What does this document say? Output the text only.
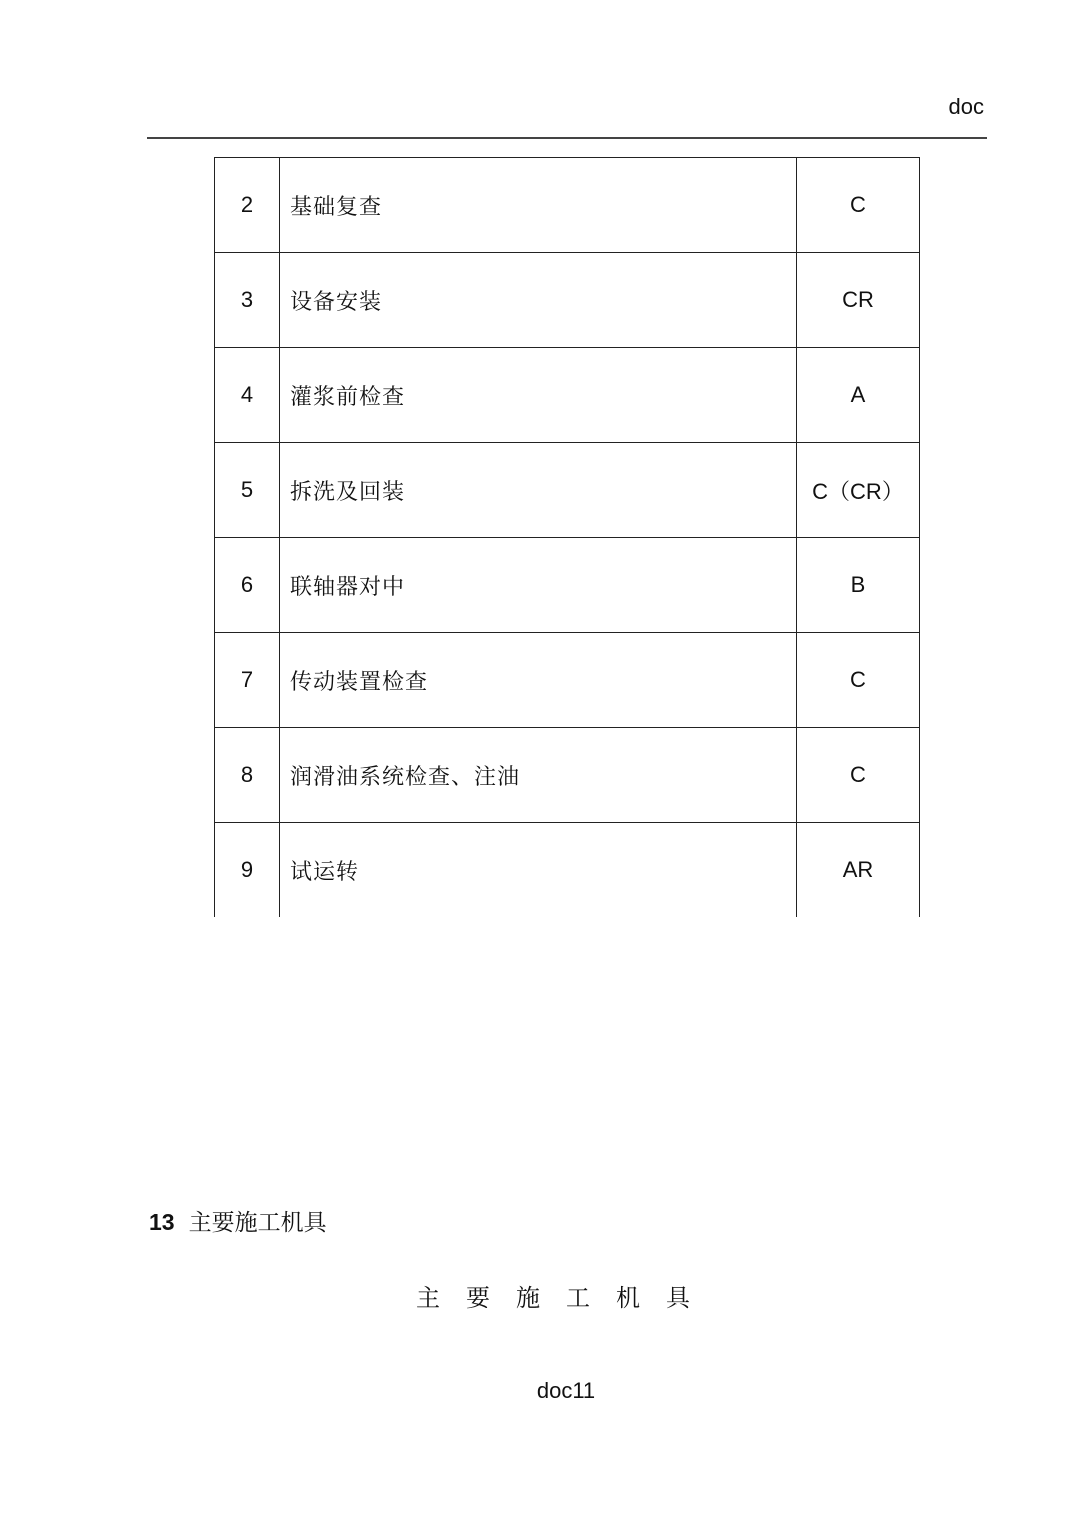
doc
2	基础复查	C
3	设备安装	CR
4	灌浆前检查	A
5	拆洗及回装	C（CR）
6	联轴器对中	B
7	传动装置检查	C
8	润滑油系统检查、注油	C
9	试运转	AR
13 主要施工机具
主要施工机具
doc11
